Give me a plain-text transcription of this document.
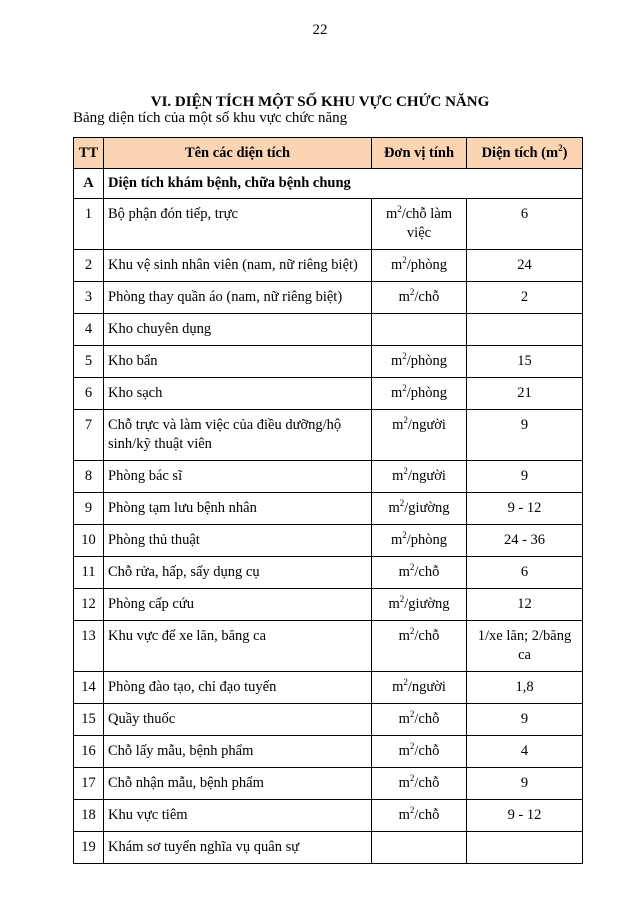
22
VI. DIỆN TÍCH MỘT SỐ KHU VỰC CHỨC NĂNG
Bảng diện tích của một số khu vực chức năng
TT	Tên các diện tích	Đơn vị tính	Diện tích $(m^2)$
A	Diện tích khám bệnh, chữa bệnh chung		

1	Bộ phận đón tiếp, trực	$m^2$/chỗ làm việc	6

2	Khu vệ sinh nhân viên (nam, nữ riêng biệt)	$m^2$/phòng	24

3	Phòng thay quần áo (nam, nữ riêng biệt)	$m^2$/chỗ	2

4	Kho chuyên dụng		

5	Kho bẩn	$m^2$/phòng	15

6	Kho sạch	$m^2$/phòng	21

7	Chỗ trực và làm việc của điều dưỡng/hộ sinh/kỹ thuật viên	$m^2$/người	9

8	Phòng bác sĩ	$m^2$/người	9

9	Phòng tạm lưu bệnh nhân	$m^2$/giường	9 - 12

10	Phòng thủ thuật	$m^2$/phòng	24 - 36

11	Chỗ rửa, hấp, sấy dụng cụ	$m^2$/chỗ	6

12	Phòng cấp cứu	$m^2$/giường	12

13	Khu vực để xe lăn, băng ca	$m^2$/chỗ	1/xe lăn; 2/băng ca

14	Phòng đào tạo, chỉ đạo tuyến	$m^2$/người	1,8

15	Quầy thuốc	$m^2$/chỗ	9

16	Chỗ lấy mẫu, bệnh phẩm	$m^2$/chỗ	4

17	Chỗ nhận mẫu, bệnh phẩm	$m^2$/chỗ	9

18	Khu vực tiêm	$m^2$/chỗ	9 - 12

19	Khám sơ tuyển nghĩa vụ quân sự		
